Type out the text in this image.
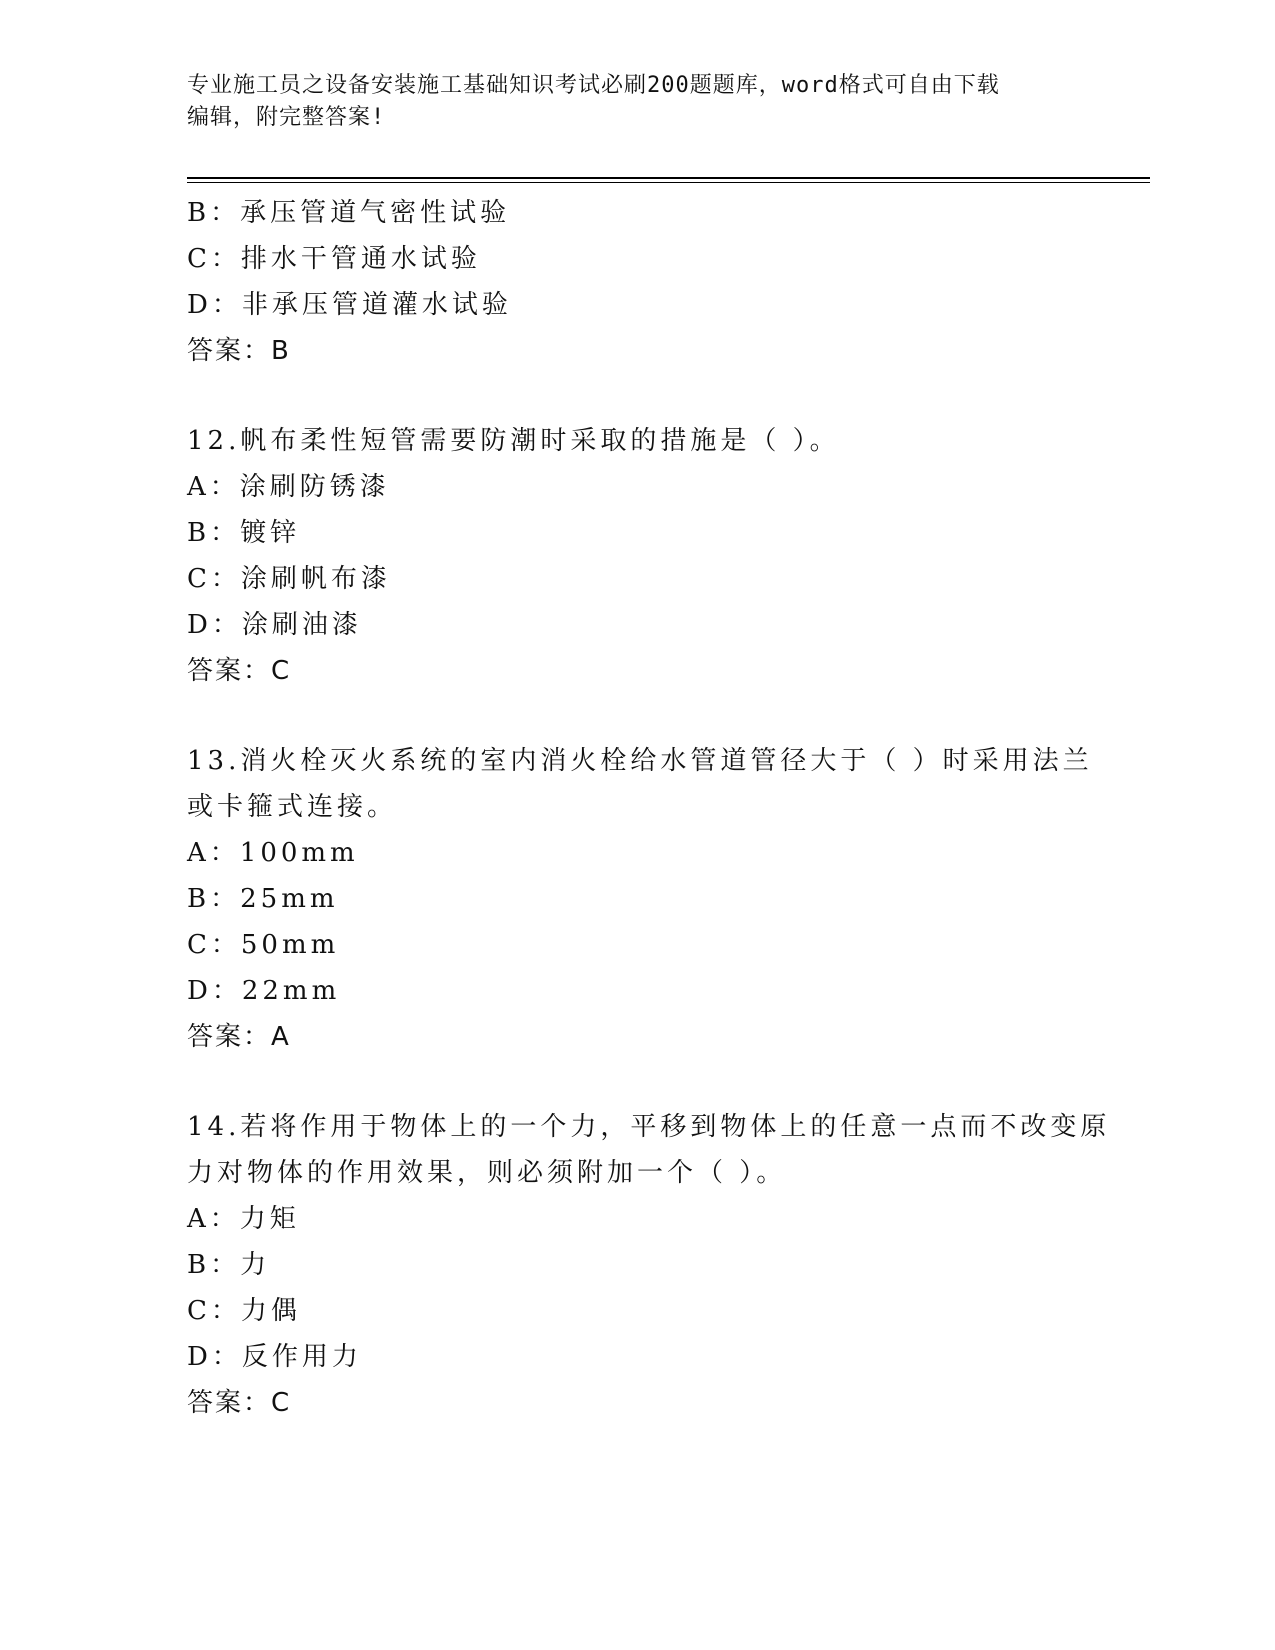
专业施工员之设备安装施工基础知识考试必刷200题题库，word格式可自由下载
编辑，附完整答案!
B：承压管道气密性试验
C：排水干管通水试验
D：非承压管道灌水试验
答案：B
12.帆布柔性短管需要防潮时采取的措施是（ ）。
A：涂刷防锈漆
B：镀锌
C：涂刷帆布漆
D：涂刷油漆
答案：C
13.消火栓灭火系统的室内消火栓给水管道管径大于（ ）时采用法兰
或卡箍式连接。
A：100mm
B：25mm
C：50mm
D：22mm
答案：A
14.若将作用于物体上的一个力，平移到物体上的任意一点而不改变原
力对物体的作用效果，则必须附加一个（ ）。
A：力矩
B：力
C：力偶
D：反作用力
答案：C
